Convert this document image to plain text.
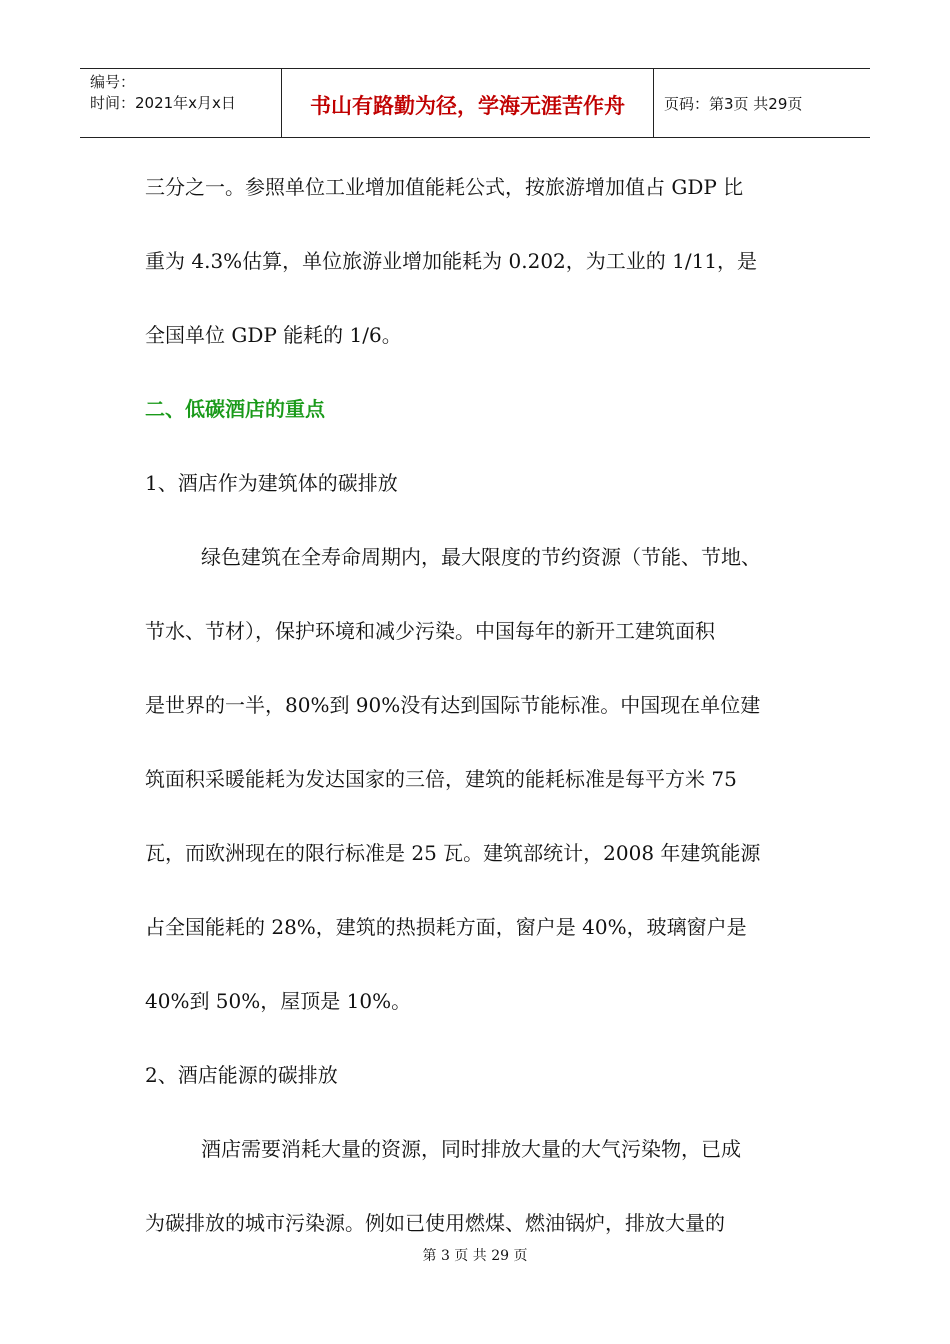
编号：
时间：2021年x月x日	书山有路勤为径，学海无涯苦作舟	页码：第3页 共29页
三分之一。参照单位工业增加值能耗公式，按旅游增加值占 GDP 比
重为 4.3%估算，单位旅游业增加能耗为 0.202，为工业的 1/11，是
全国单位 GDP 能耗的 1/6。
二、低碳酒店的重点
1、酒店作为建筑体的碳排放
绿色建筑在全寿命周期内，最大限度的节约资源（节能、节地、
节水、节材），保护环境和减少污染。中国每年的新开工建筑面积
是世界的一半，80%到 90%没有达到国际节能标准。中国现在单位建
筑面积采暖能耗为发达国家的三倍，建筑的能耗标准是每平方米 75
瓦，而欧洲现在的限行标准是 25 瓦。建筑部统计，2008 年建筑能源
占全国能耗的 28%，建筑的热损耗方面，窗户是 40%，玻璃窗户是
40%到 50%，屋顶是 10%。
2、酒店能源的碳排放
酒店需要消耗大量的资源，同时排放大量的大气污染物，已成
为碳排放的城市污染源。例如已使用燃煤、燃油锅炉，排放大量的
第 3 页 共 29 页
